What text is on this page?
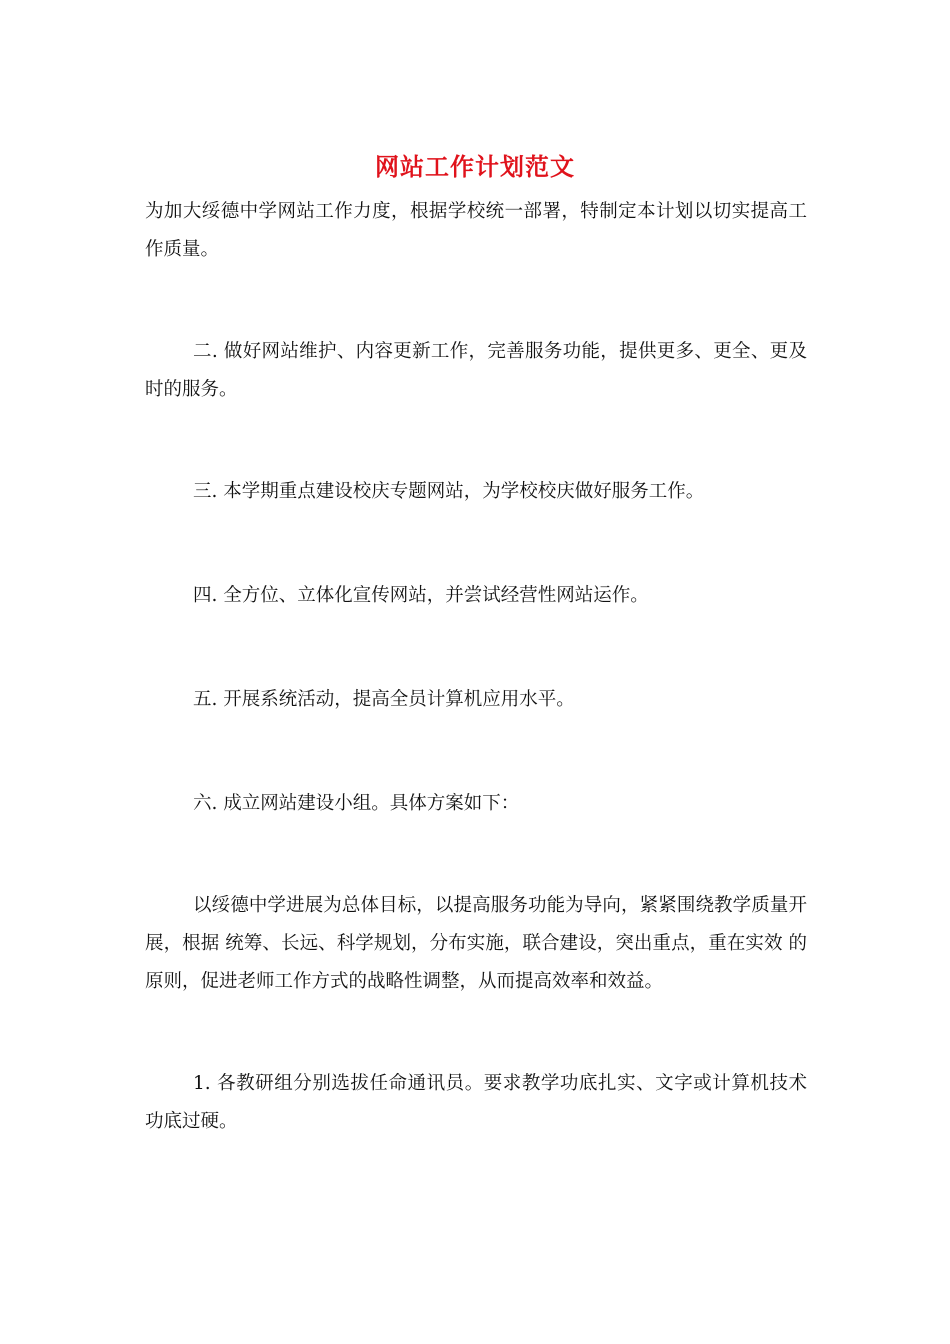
网站工作计划范文

为加大绥德中学网站工作力度，根据学校统一部署，特制定本计划以切实提高工作质量。

二. 做好网站维护、内容更新工作，完善服务功能，提供更多、更全、更及时的服务。

三. 本学期重点建设校庆专题网站，为学校校庆做好服务工作。

四. 全方位、立体化宣传网站，并尝试经营性网站运作。

五. 开展系统活动，提高全员计算机应用水平。

六. 成立网站建设小组。具体方案如下：

以绥德中学进展为总体目标，以提高服务功能为导向，紧紧围绕教学质量开展，根据 统筹、长远、科学规划，分布实施，联合建设，突出重点，重在实效 的原则，促进老师工作方式的战略性调整，从而提高效率和效益。

1. 各教研组分别选拔任命通讯员。要求教学功底扎实、文字或计算机技术功底过硬。
